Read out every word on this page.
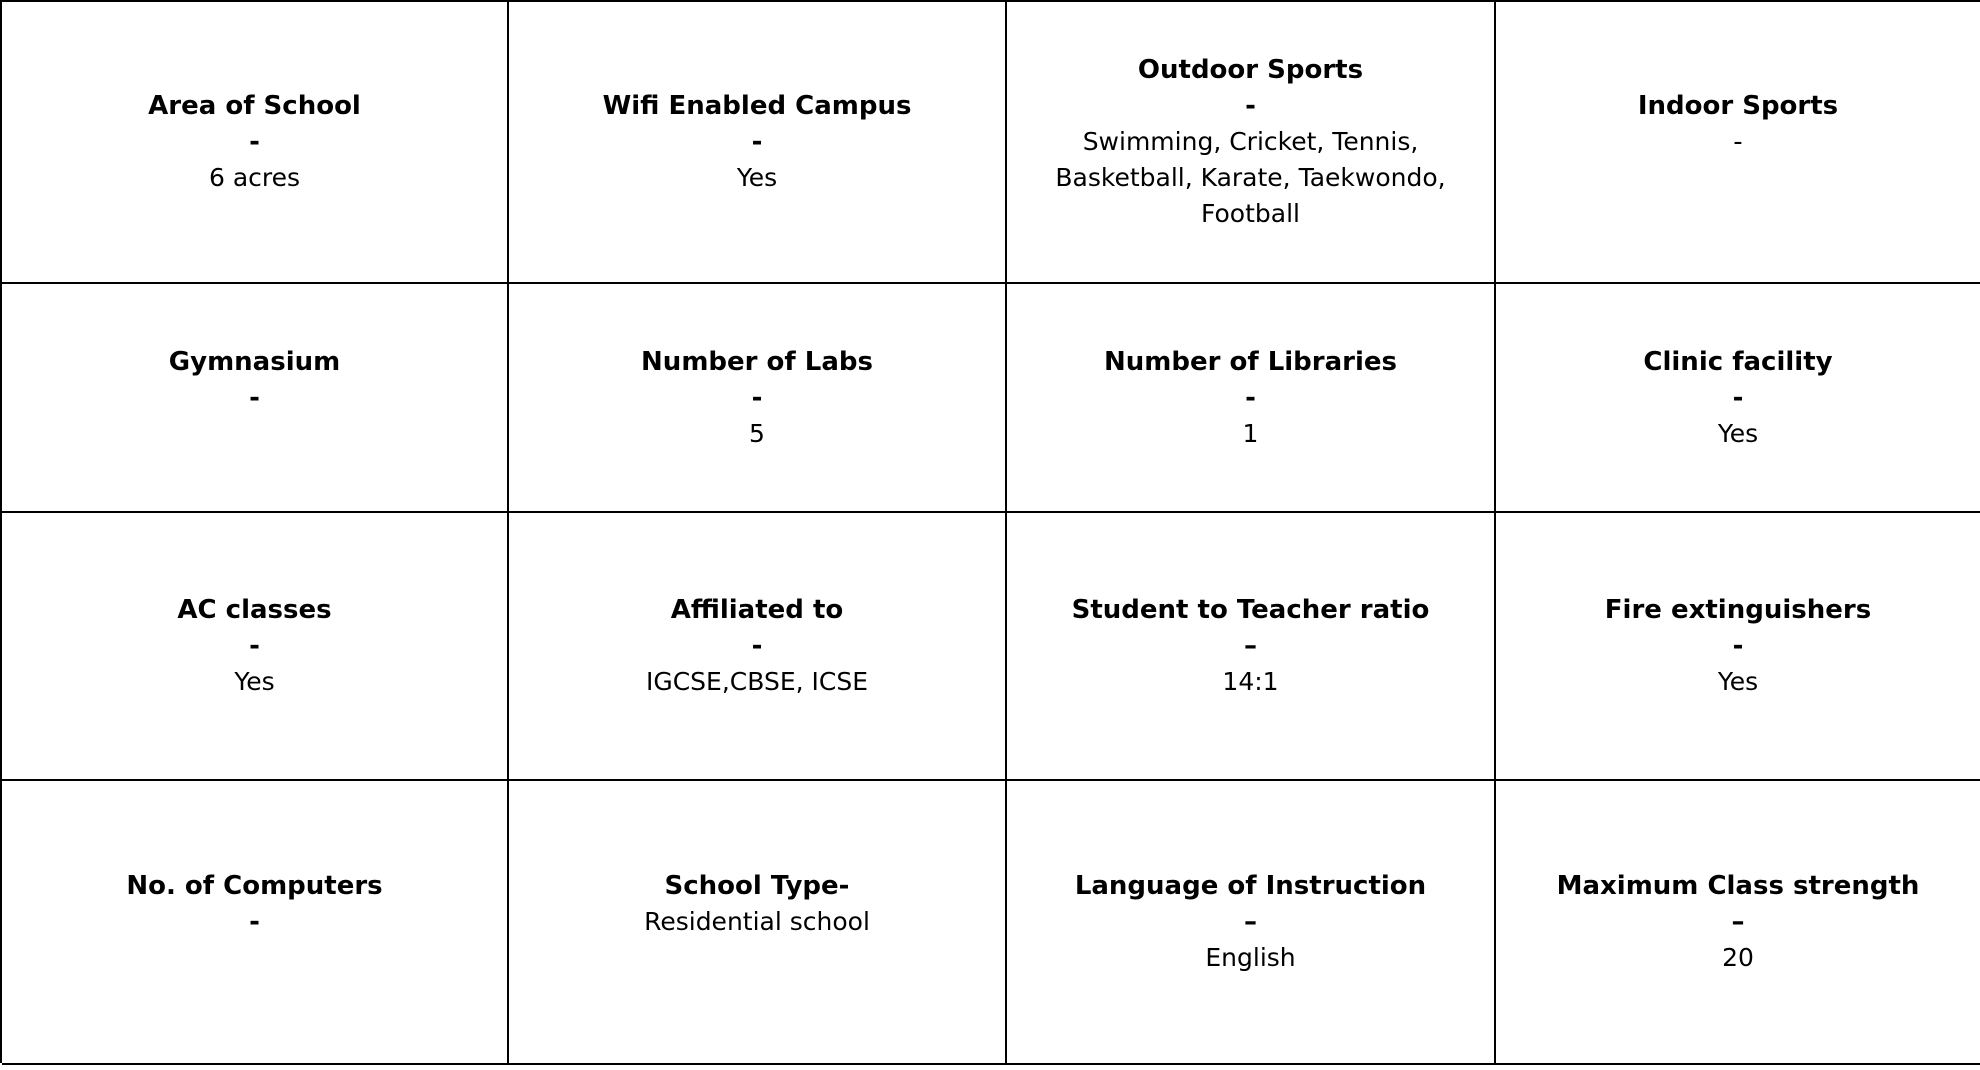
Area of School
-
6 acres
Wifi Enabled Campus
-
Yes
Outdoor Sports
-
Swimming, Cricket, Tennis, Basketball, Karate, Taekwondo, Football
Indoor Sports
-
Gymnasium
-
Number of Labs
-
5
Number of Libraries
-
1
Clinic facility
-
Yes
AC classes
-
Yes
Affiliated to
-
IGCSE,CBSE, ICSE
Student to Teacher ratio
–
14:1
Fire extinguishers
-
Yes
No. of Computers
-
School Type-
Residential school
Language of Instruction
–
English
Maximum Class strength
–
20
